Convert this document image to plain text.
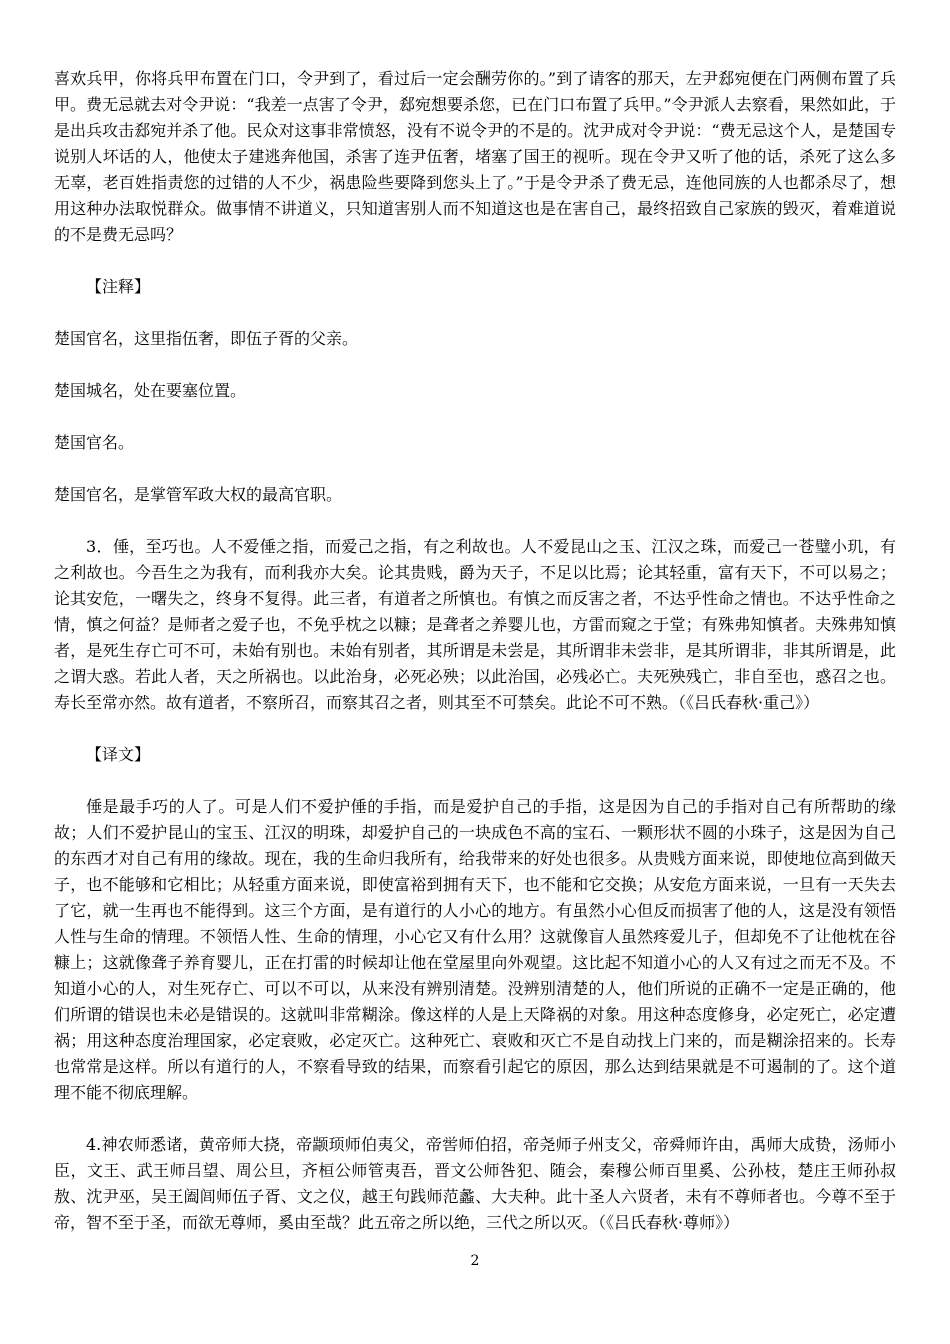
喜欢兵甲，你将兵甲布置在门口，令尹到了，看过后一定会酬劳你的。”到了请客的那天，左尹郄宛便在门两侧布置了兵甲。费无忌就去对令尹说：“我差一点害了令尹，郄宛想要杀您，已在门口布置了兵甲。”令尹派人去察看，果然如此，于是出兵攻击郄宛并杀了他。民众对这事非常愤怒，没有不说令尹的不是的。沈尹成对令尹说：“费无忌这个人，是楚国专说别人坏话的人，他使太子建逃奔他国，杀害了连尹伍奢，堵塞了国王的视听。现在令尹又听了他的话，杀死了这么多无辜，老百姓指责您的过错的人不少，祸患险些要降到您头上了。”于是令尹杀了费无忌，连他同族的人也都杀尽了，想用这种办法取悦群众。做事情不讲道义，只知道害别人而不知道这也是在害自己，最终招致自己家族的毁灭，着难道说的不是费无忌吗？

【注释】

楚国官名，这里指伍奢，即伍子胥的父亲。

楚国城名，处在要塞位置。

楚国官名。

楚国官名，是掌管军政大权的最高官职。

3．倕，至巧也。人不爱倕之指，而爱己之指，有之利故也。人不爱昆山之玉、江汉之珠，而爱己一苍璧小玑，有之利故也。今吾生之为我有，而利我亦大矣。论其贵贱，爵为天子，不足以比焉；论其轻重，富有天下，不可以易之；论其安危，一曙失之，终身不复得。此三者，有道者之所慎也。有慎之而反害之者，不达乎性命之情也。不达乎性命之情，慎之何益？是师者之爱子也，不免乎枕之以糠；是聋者之养婴儿也，方雷而窥之于堂；有殊弗知慎者。夫殊弗知慎者，是死生存亡可不可，未始有别也。未始有别者，其所谓是未尝是，其所谓非未尝非，是其所谓非，非其所谓是，此之谓大惑。若此人者，天之所祸也。以此治身，必死必殃；以此治国，必残必亡。夫死殃残亡，非自至也，惑召之也。寿长至常亦然。故有道者，不察所召，而察其召之者，则其至不可禁矣。此论不可不熟。（《吕氏春秋·重己》）

【译文】

倕是最手巧的人了。可是人们不爱护倕的手指，而是爱护自己的手指，这是因为自己的手指对自己有所帮助的缘故；人们不爱护昆山的宝玉、江汉的明珠，却爱护自己的一块成色不高的宝石、一颗形状不圆的小珠子，这是因为自己的东西才对自己有用的缘故。现在，我的生命归我所有，给我带来的好处也很多。从贵贱方面来说，即使地位高到做天子，也不能够和它相比；从轻重方面来说，即使富裕到拥有天下，也不能和它交换；从安危方面来说，一旦有一天失去了它，就一生再也不能得到。这三个方面，是有道行的人小心的地方。有虽然小心但反而损害了他的人，这是没有领悟人性与生命的情理。不领悟人性、生命的情理，小心它又有什么用？这就像盲人虽然疼爱儿子，但却免不了让他枕在谷糠上；这就像聋子养育婴儿，正在打雷的时候却让他在堂屋里向外观望。这比起不知道小心的人又有过之而无不及。不知道小心的人，对生死存亡、可以不可以，从来没有辨别清楚。没辨别清楚的人，他们所说的正确不一定是正确的，他们所谓的错误也未必是错误的。这就叫非常糊涂。像这样的人是上天降祸的对象。用这种态度修身，必定死亡，必定遭祸；用这种态度治理国家，必定衰败，必定灭亡。这种死亡、衰败和灭亡不是自动找上门来的，而是糊涂招来的。长寿也常常是这样。所以有道行的人，不察看导致的结果，而察看引起它的原因，那么达到结果就是不可遏制的了。这个道理不能不彻底理解。

4.神农师悉诸，黄帝师大挠，帝颛顼师伯夷父，帝喾师伯招，帝尧师子州支父，帝舜师许由，禹师大成贽，汤师小臣，文王、武王师吕望、周公旦，齐桓公师管夷吾，晋文公师咎犯、随会，秦穆公师百里奚、公孙枝，楚庄王师孙叔敖、沈尹巫，吴王阖闾师伍子胥、文之仪，越王句践师范蠡、大夫种。此十圣人六贤者，未有不尊师者也。今尊不至于帝，智不至于圣，而欲无尊师，奚由至哉？此五帝之所以绝，三代之所以灭。（《吕氏春秋·尊师》）

2
